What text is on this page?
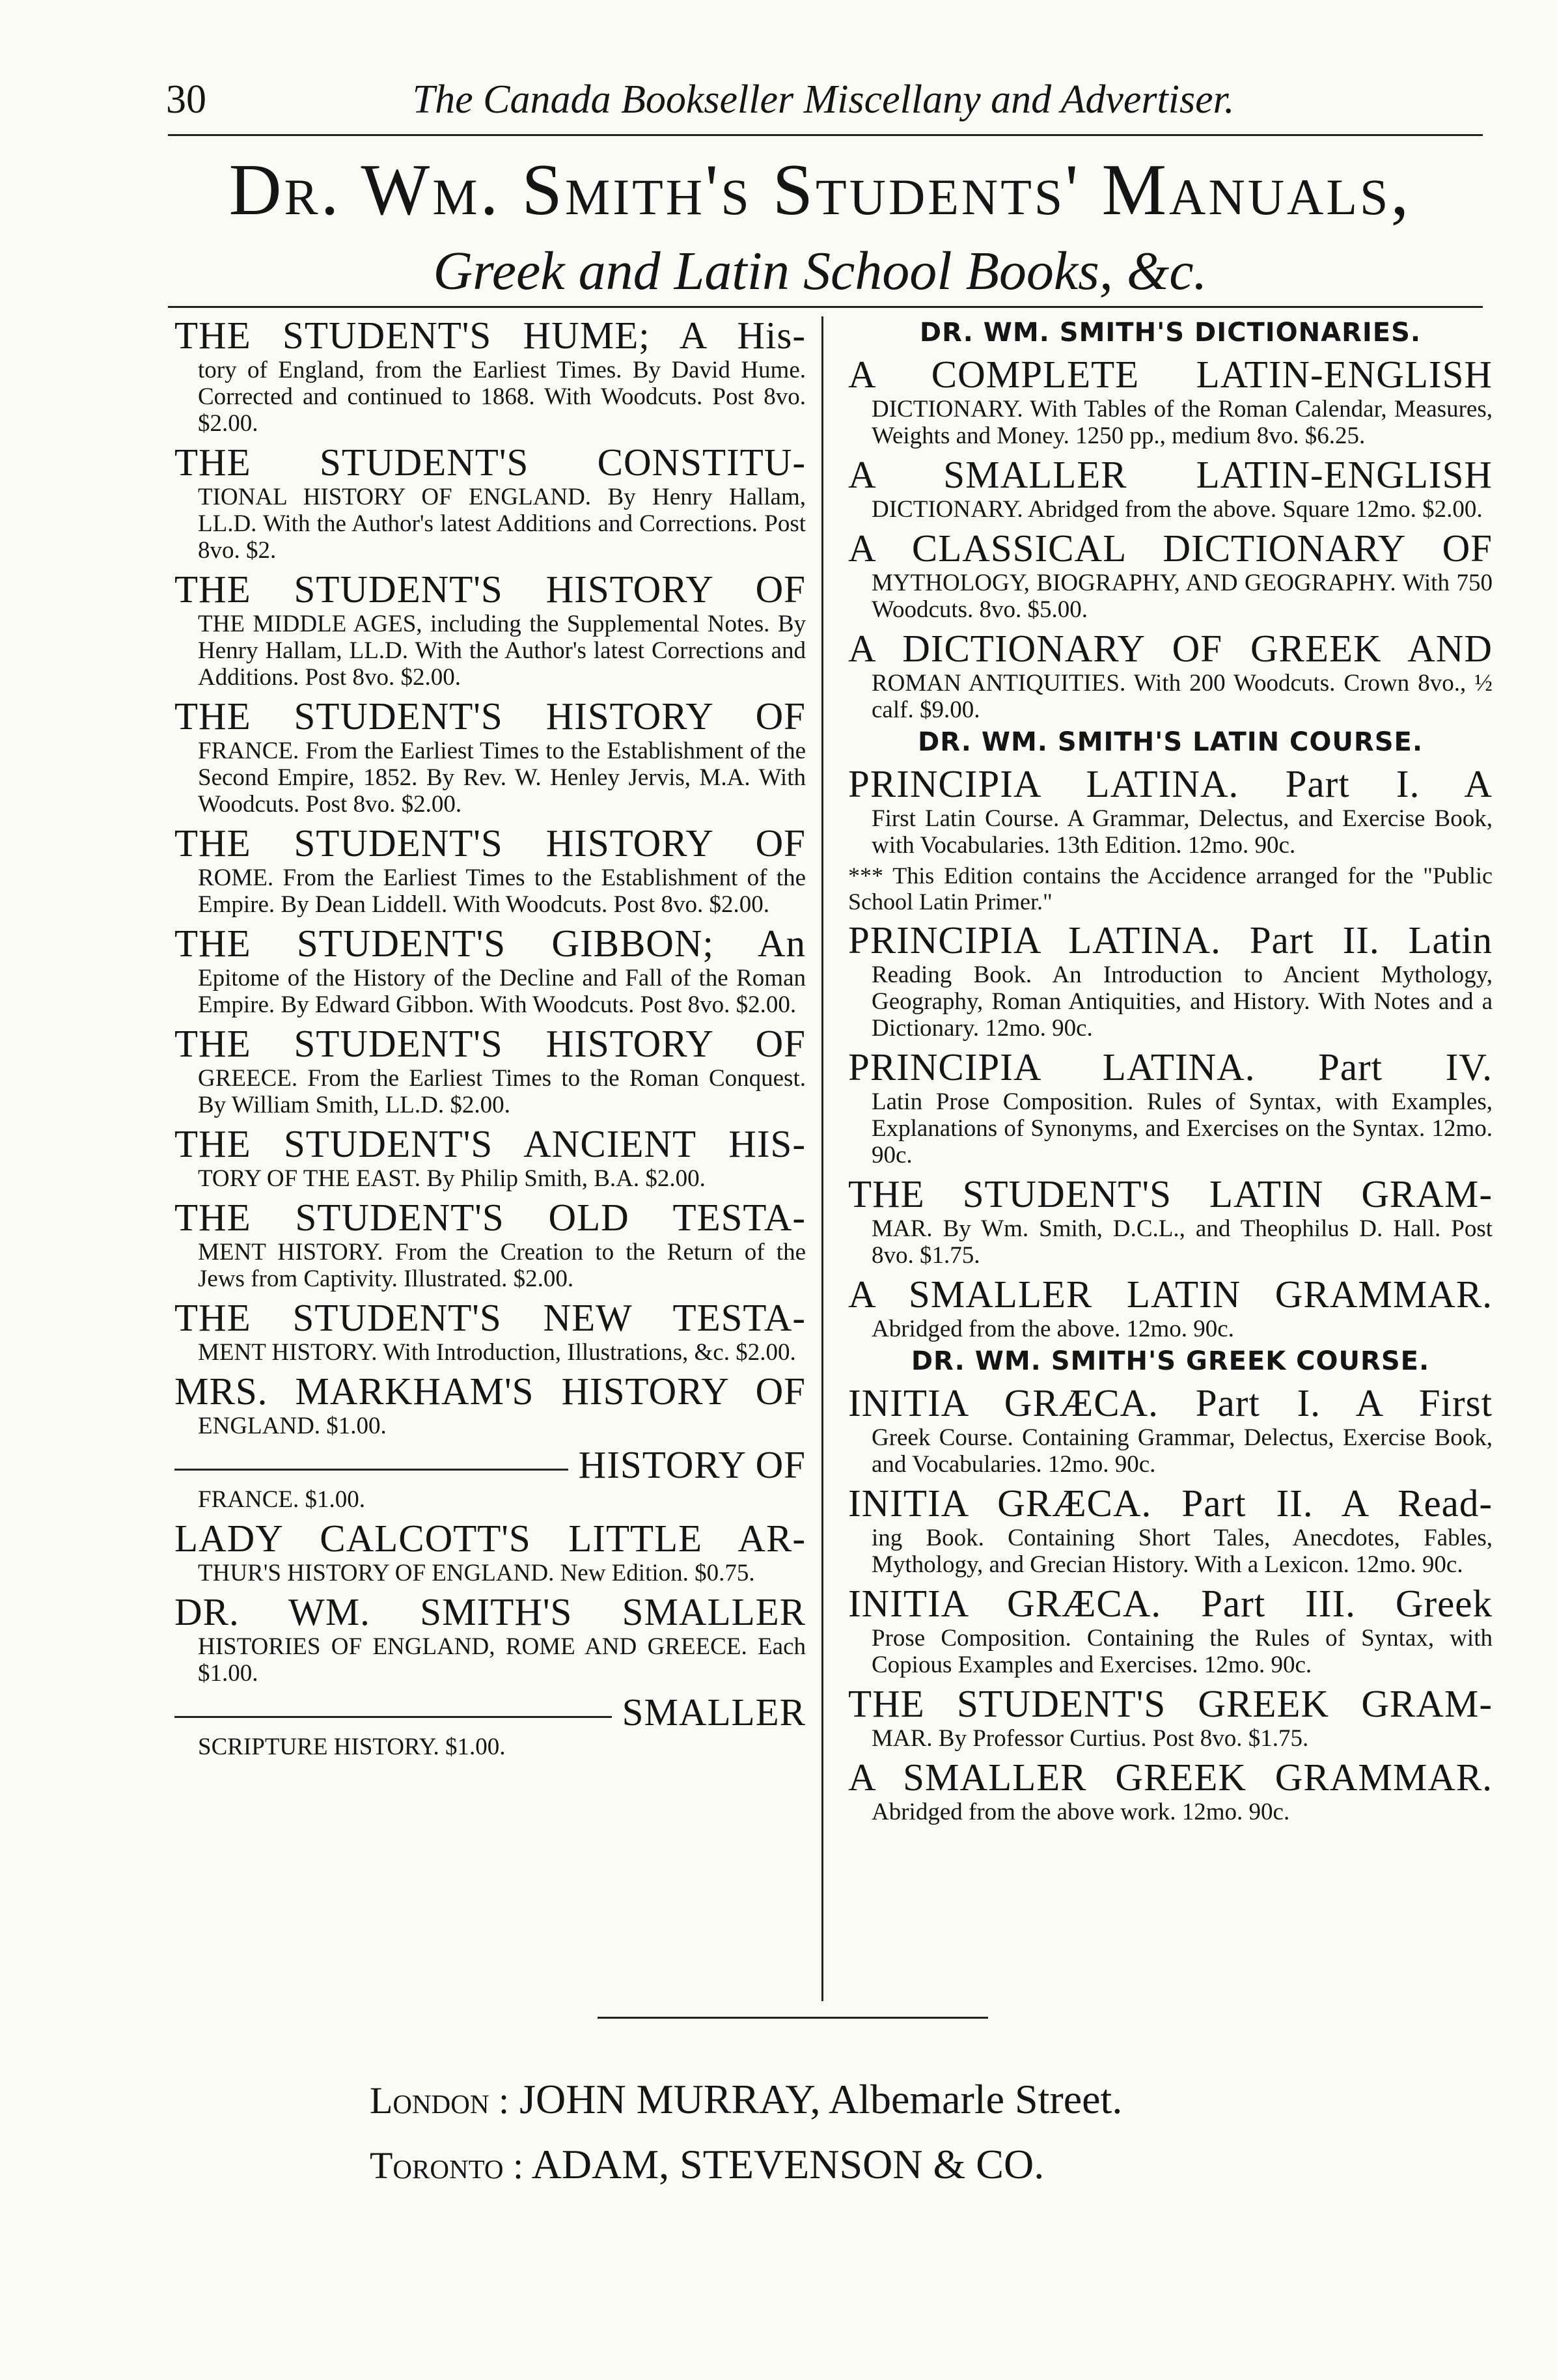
30	The Canada Bookseller Miscellany and Advertiser.
Dr. Wm. Smith's Students' Manuals,
Greek and Latin School Books, &c.
THE STUDENT'S HUME; A His-
tory of England, from the Earliest Times. By David Hume. Corrected and continued to 1868. With Woodcuts. Post 8vo. $2.00.
THE STUDENT'S CONSTITU-
TIONAL HISTORY OF ENGLAND. By Henry Hallam, LL.D. With the Author's latest Additions and Corrections. Post 8vo. $2.
THE STUDENT'S HISTORY OF
THE MIDDLE AGES, including the Supplemental Notes. By Henry Hallam, LL.D. With the Author's latest Corrections and Additions. Post 8vo. $2.00.
THE STUDENT'S HISTORY OF
FRANCE. From the Earliest Times to the Establishment of the Second Empire, 1852. By Rev. W. Henley Jervis, M.A. With Woodcuts. Post 8vo. $2.00.
THE STUDENT'S HISTORY OF
ROME. From the Earliest Times to the Establishment of the Empire. By Dean Liddell. With Woodcuts. Post 8vo. $2.00.
THE STUDENT'S GIBBON; An
Epitome of the History of the Decline and Fall of the Roman Empire. By Edward Gibbon. With Woodcuts. Post 8vo. $2.00.
THE STUDENT'S HISTORY OF
GREECE. From the Earliest Times to the Roman Conquest. By William Smith, LL.D. $2.00.
THE STUDENT'S ANCIENT HIS-
TORY OF THE EAST. By Philip Smith, B.A. $2.00.
THE STUDENT'S OLD TESTA-
MENT HISTORY. From the Creation to the Return of the Jews from Captivity. Illustrated. $2.00.
THE STUDENT'S NEW TESTA-
MENT HISTORY. With Introduction, Illustrations, &c. $2.00.
MRS. MARKHAM'S HISTORY OF
ENGLAND. $1.00.
HISTORY OF
FRANCE. $1.00.
LADY CALCOTT'S LITTLE AR-
THUR'S HISTORY OF ENGLAND. New Edition. $0.75.
DR. WM. SMITH'S SMALLER
HISTORIES OF ENGLAND, ROME AND GREECE. Each $1.00.
SMALLER
SCRIPTURE HISTORY. $1.00.
DR. WM. SMITH'S DICTIONARIES.
A COMPLETE LATIN-ENGLISH
DICTIONARY. With Tables of the Roman Calendar, Measures, Weights and Money. 1250 pp., medium 8vo. $6.25.
A SMALLER LATIN-ENGLISH
DICTIONARY. Abridged from the above. Square 12mo. $2.00.
A CLASSICAL DICTIONARY OF
MYTHOLOGY, BIOGRAPHY, AND GEOGRAPHY. With 750 Woodcuts. 8vo. $5.00.
A DICTIONARY OF GREEK AND
ROMAN ANTIQUITIES. With 200 Woodcuts. Crown 8vo., ½ calf. $9.00.
DR. WM. SMITH'S LATIN COURSE.
PRINCIPIA LATINA. Part I. A
First Latin Course. A Grammar, Delectus, and Exercise Book, with Vocabularies. 13th Edition. 12mo. 90c.
*** This Edition contains the Accidence arranged for the "Public School Latin Primer."
PRINCIPIA LATINA. Part II. Latin
Reading Book. An Introduction to Ancient Mythology, Geography, Roman Antiquities, and History. With Notes and a Dictionary. 12mo. 90c.
PRINCIPIA LATINA. Part IV.
Latin Prose Composition. Rules of Syntax, with Examples, Explanations of Synonyms, and Exercises on the Syntax. 12mo. 90c.
THE STUDENT'S LATIN GRAM-
MAR. By Wm. Smith, D.C.L., and Theophilus D. Hall. Post 8vo. $1.75.
A SMALLER LATIN GRAMMAR.
Abridged from the above. 12mo. 90c.
DR. WM. SMITH'S GREEK COURSE.
INITIA GRÆCA. Part I. A First
Greek Course. Containing Grammar, Delectus, Exercise Book, and Vocabularies. 12mo. 90c.
INITIA GRÆCA. Part II. A Read-
ing Book. Containing Short Tales, Anecdotes, Fables, Mythology, and Grecian History. With a Lexicon. 12mo. 90c.
INITIA GRÆCA. Part III. Greek
Prose Composition. Containing the Rules of Syntax, with Copious Examples and Exercises. 12mo. 90c.
THE STUDENT'S GREEK GRAM-
MAR. By Professor Curtius. Post 8vo. $1.75.
A SMALLER GREEK GRAMMAR.
Abridged from the above work. 12mo. 90c.
London : JOHN MURRAY, Albemarle Street.
Toronto : ADAM, STEVENSON & CO.
